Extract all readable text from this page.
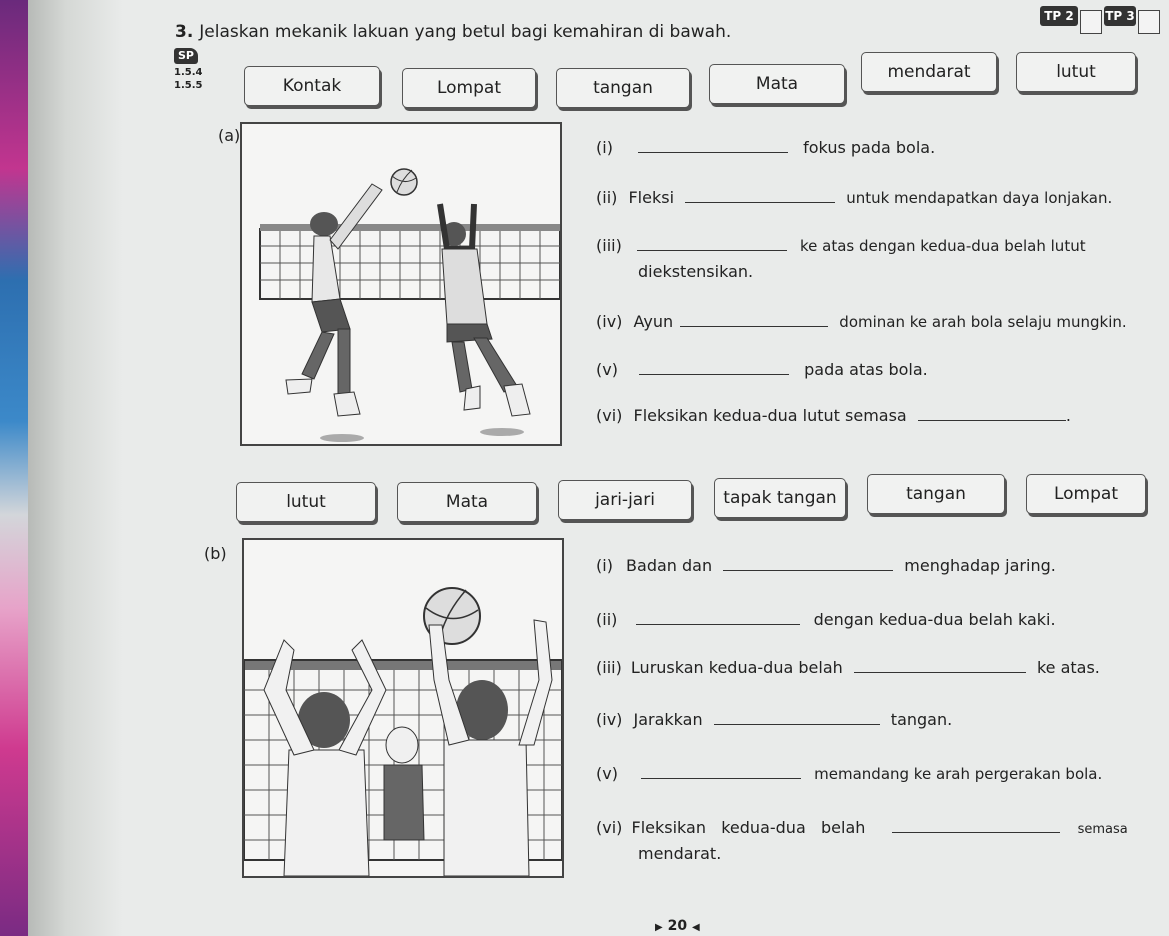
TP 2	TP 3
3. Jelaskan mekanik lakuan yang betul bagi kemahiran di bawah.
SP
1.5.4
1.5.5	Kontak	Lompat	tangan	Mata
mendarat	lutut
(a)
(i)	fokus pada bola.
(ii) Fleksi	untuk mendapatkan daya lonjakan.
(iii)	ke atas dengan kedua-dua belah lutut
diekstensikan.
(iv) Ayun	dominan ke arah bola selaju mungkin.
(v)	pada atas bola.
(vi) Fleksikan kedua-dua lutut semasa	.
lutut	Mata	jari-jari	tapak tangan	tangan	Lompat
(b)
(i) Badan dan	menghadap jaring.
(ii)	dengan kedua-dua belah kaki.
(iii) Luruskan kedua-dua belah	ke atas.
(iv) Jarakkan	tangan.
(v)	memandang ke arah pergerakan bola.
(vi) Fleksikan   kedua-dua   belah	semasa
mendarat.
▶ 20 ◀
